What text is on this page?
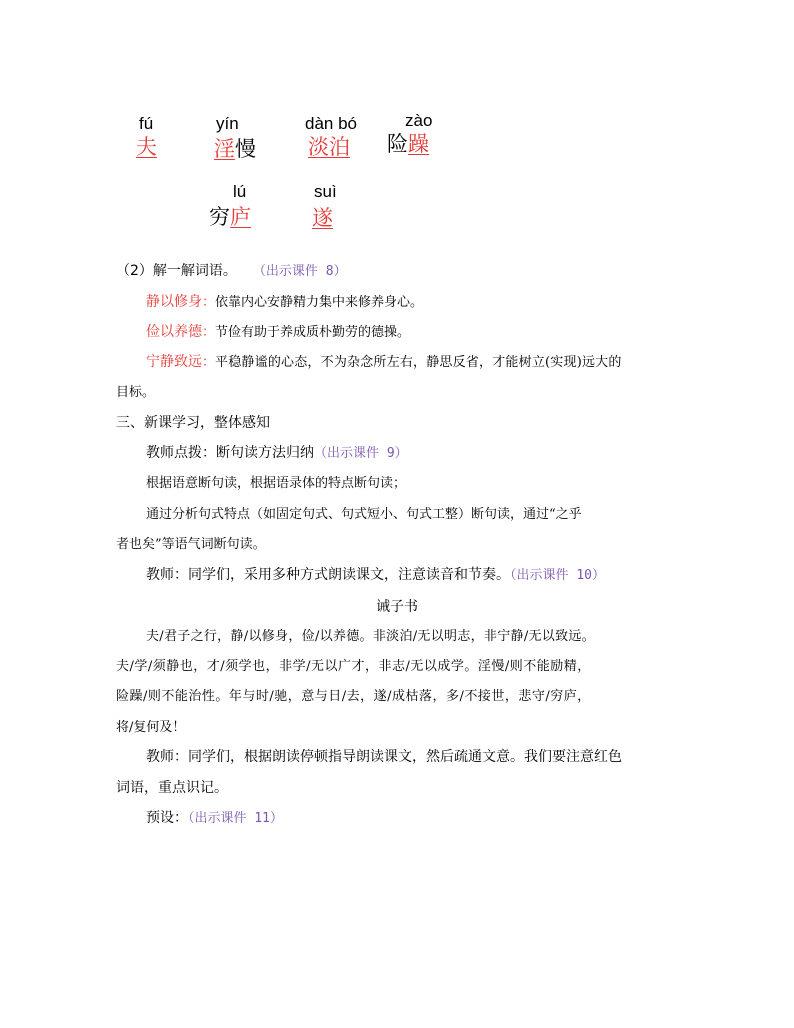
fú
夫
yín
淫慢
dàn bó
淡泊
zào
险躁
lú
穷庐
suì
遂
（2）解一解词语。 （出示课件 8）
静以修身：依靠内心安静精力集中来修养身心。
俭以养德：节俭有助于养成质朴勤劳的德操。
宁静致远：平稳静谧的心态，不为杂念所左右，静思反省，才能树立(实现)远大的
目标。
三、新课学习，整体感知
教师点拨：断句读方法归纳（出示课件 9）
根据语意断句读，根据语录体的特点断句读；
通过分析句式特点（如固定句式、句式短小、句式工整）断句读，通过“之乎
者也矣”等语气词断句读。
教师：同学们，采用多种方式朗读课文，注意读音和节奏。（出示课件 10）
诫子书
夫/君子之行，静/以修身，俭/以养德。非淡泊/无以明志，非宁静/无以致远。
夫/学/须静也，才/须学也，非学/无以广才，非志/无以成学。淫慢/则不能励精，
险躁/则不能治性。年与时/驰，意与日/去，遂/成枯落，多/不接世，悲守/穷庐，
将/复何及！
教师：同学们，根据朗读停顿指导朗读课文，然后疏通文意。我们要注意红色
词语，重点识记。
预设：（出示课件 11）
